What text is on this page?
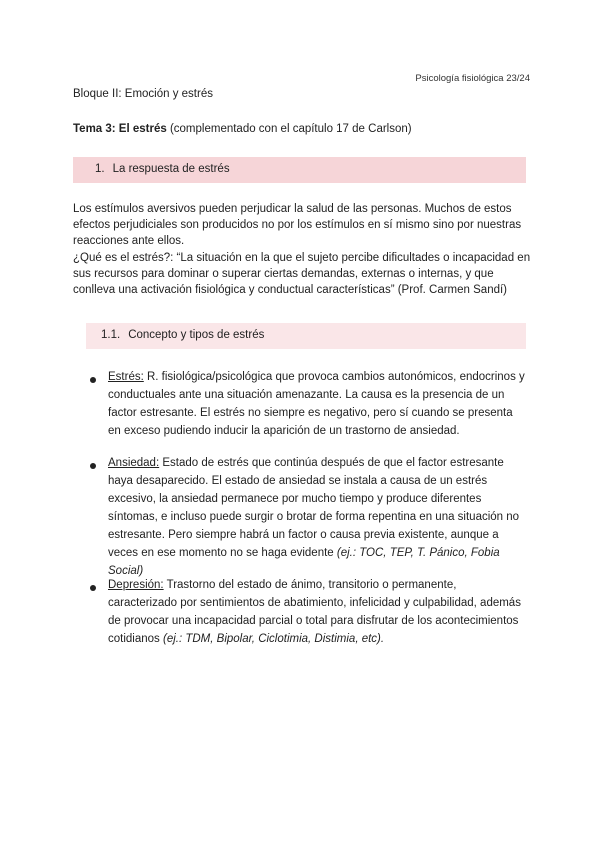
Psicología fisiológica 23/24
Bloque II: Emoción y estrés
Tema 3: El estrés (complementado con el capítulo 17 de Carlson)
1. La respuesta de estrés

Los estímulos aversivos pueden perjudicar la salud de las personas. Muchos de estos efectos perjudiciales son producidos no por los estímulos en sí mismo sino por nuestras reacciones ante ellos.

¿Qué es el estrés?: “La situación en la que el sujeto percibe dificultades o incapacidad en sus recursos para dominar o superar ciertas demandas, externas o internas, y que conlleva una activación fisiológica y conductual características” (Prof. Carmen Sandí)

1.1. Concepto y tipos de estrés
Estrés: R. fisiológica/psicológica que provoca cambios autonómicos, endocrinos y conductuales ante una situación amenazante. La causa es la presencia de un factor estresante. El estrés no siempre es negativo, pero sí cuando se presenta en exceso pudiendo inducir la aparición de un trastorno de ansiedad.
Ansiedad: Estado de estrés que continúa después de que el factor estresante haya desaparecido. El estado de ansiedad se instala a causa de un estrés excesivo, la ansiedad permanece por mucho tiempo y produce diferentes síntomas, e incluso puede surgir o brotar de forma repentina en una situación no estresante. Pero siempre habrá un factor o causa previa existente, aunque a veces en ese momento no se haga evidente (ej.: TOC, TEP, T. Pánico, Fobia Social)
Depresión: Trastorno del estado de ánimo, transitorio o permanente, caracterizado por sentimientos de abatimiento, infelicidad y culpabilidad, además de provocar una incapacidad parcial o total para disfrutar de los acontecimientos cotidianos (ej.: TDM, Bipolar, Ciclotimia, Distimia, etc).
